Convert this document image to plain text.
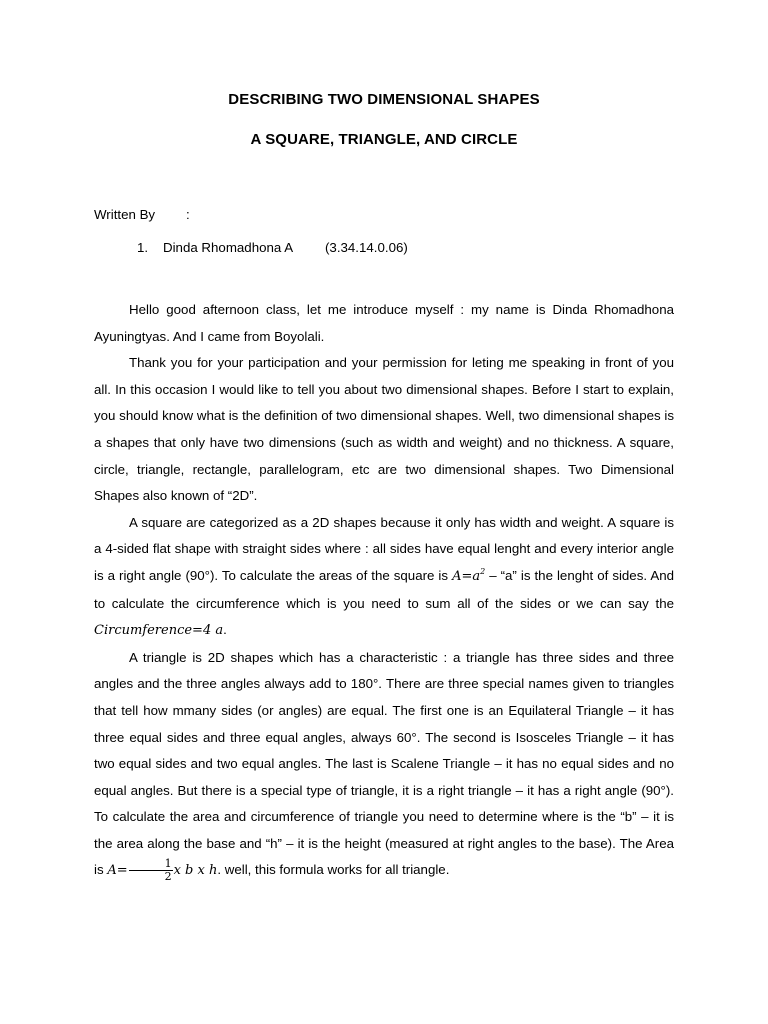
DESCRIBING TWO DIMENSIONAL SHAPES
A SQUARE, TRIANGLE, AND CIRCLE
Written By :
1. Dinda Rhomadhona A (3.34.14.0.06)

Hello good afternoon class, let me introduce myself : my name is Dinda Rhomadhona Ayuningtyas. And I came from Boyolali.

Thank you for your participation and your permission for leting me speaking in front of you all. In this occasion I would like to tell you about two dimensional shapes. Before I start to explain, you should know what is the definition of two dimensional shapes. Well, two dimensional shapes is a shapes that only have two dimensions (such as width and weight) and no thickness. A square, circle, triangle, rectangle, parallelogram, etc are two dimensional shapes. Two Dimensional Shapes also known of “2D”.

A square are categorized as a 2D shapes because it only has width and weight. A square is a 4-sided flat shape with straight sides where : all sides have equal lenght and every interior angle is a right angle (90°). To calculate the areas of the square is $A=a^2$ – “a” is the lenght of sides. And to calculate the circumference which is you need to sum all of the sides or we can say the Circumference=4 a.

A triangle is 2D shapes which has a characteristic : a triangle has three sides and three angles and the three angles always add to 180°. There are three special names given to triangles that tell how mmany sides (or angles) are equal. The first one is an Equilateral Triangle – it has three equal sides and three equal angles, always 60°. The second is Isosceles Triangle – it has two equal sides and two equal angles. The last is Scalene Triangle – it has no equal sides and no equal angles. But there is a special type of triangle, it is a right triangle – it has a right angle (90°). To calculate the area and circumference of triangle you need to determine where is the “b” – it is the area along the base and “h” – it is the height (measured at right angles to the base). The Area is $A= \frac{1}{2}$ x b x h. well, this formula works for all triangle.
